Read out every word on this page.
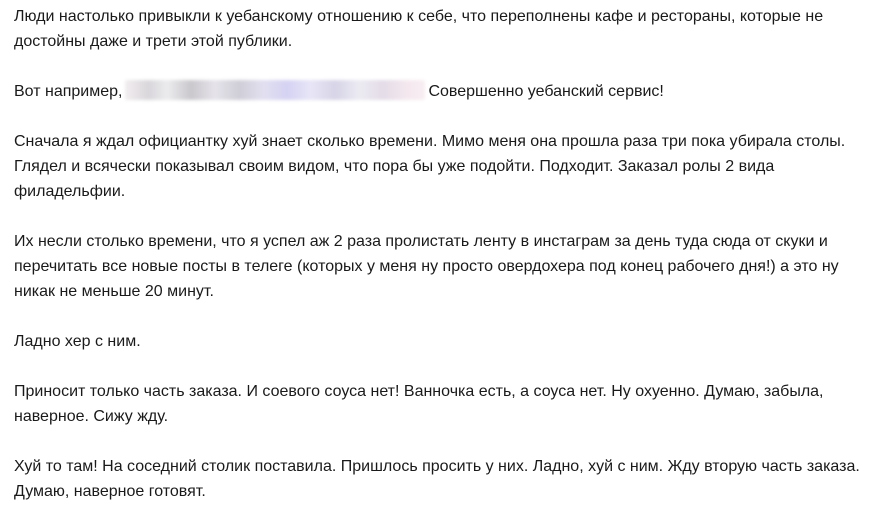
Люди настолько привыкли к уебанскому отношению к себе, что переполнены кафе и рестораны, которые не достойны даже и трети этой публики.

Вот например,	Совершенно уебанский сервис!

Сначала я ждал официантку хуй знает сколько времени. Мимо меня она прошла раза три пока убирала столы. Глядел и всячески показывал своим видом, что пора бы уже подойти. Подходит. Заказал ролы 2 вида филадельфии.

Их несли столько времени, что я успел аж 2 раза пролистать ленту в инстаграм за день туда сюда от скуки и перечитать все новые посты в телеге (которых у меня ну просто овердохера под конец рабочего дня!) а это ну никак не меньше 20 минут.

Ладно хер с ним.

Приносит только часть заказа. И соевого соуса нет! Ванночка есть, а соуса нет. Ну охуенно. Думаю, забыла, наверное. Сижу жду.

Хуй то там! На соседний столик поставила. Пришлось просить у них. Ладно, хуй с ним. Жду вторую часть заказа. Думаю, наверное готовят.
